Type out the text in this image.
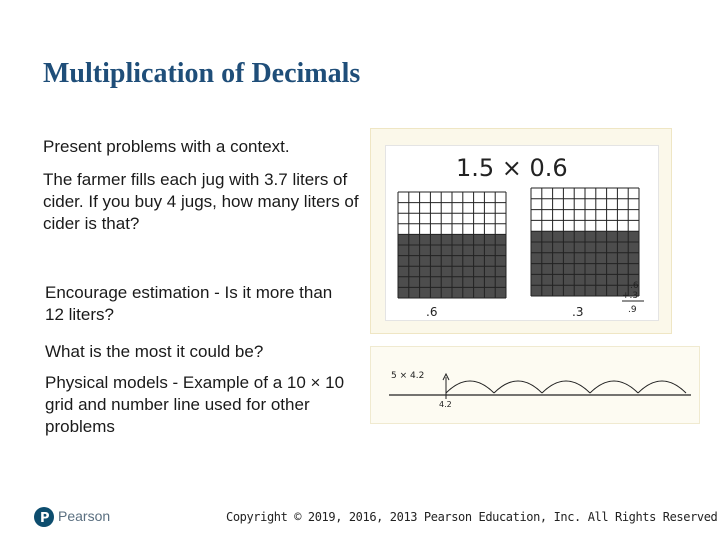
Multiplication of Decimals

Present problems with a context.

The farmer fills each jug with 3.7 liters of cider. If you buy 4 jugs, how many liters of cider is that?

Encourage estimation - Is it more than 12 liters?

What is the most it could be?

Physical models - Example of a 10 × 10 grid and number line used for other problems

1.5 × 0.6
.6	.3
.6
+.3
.9
5 × 4.2
4.2
P Pearson	Copyright © 2019, 2016, 2013 Pearson Education, Inc. All Rights Reserved
